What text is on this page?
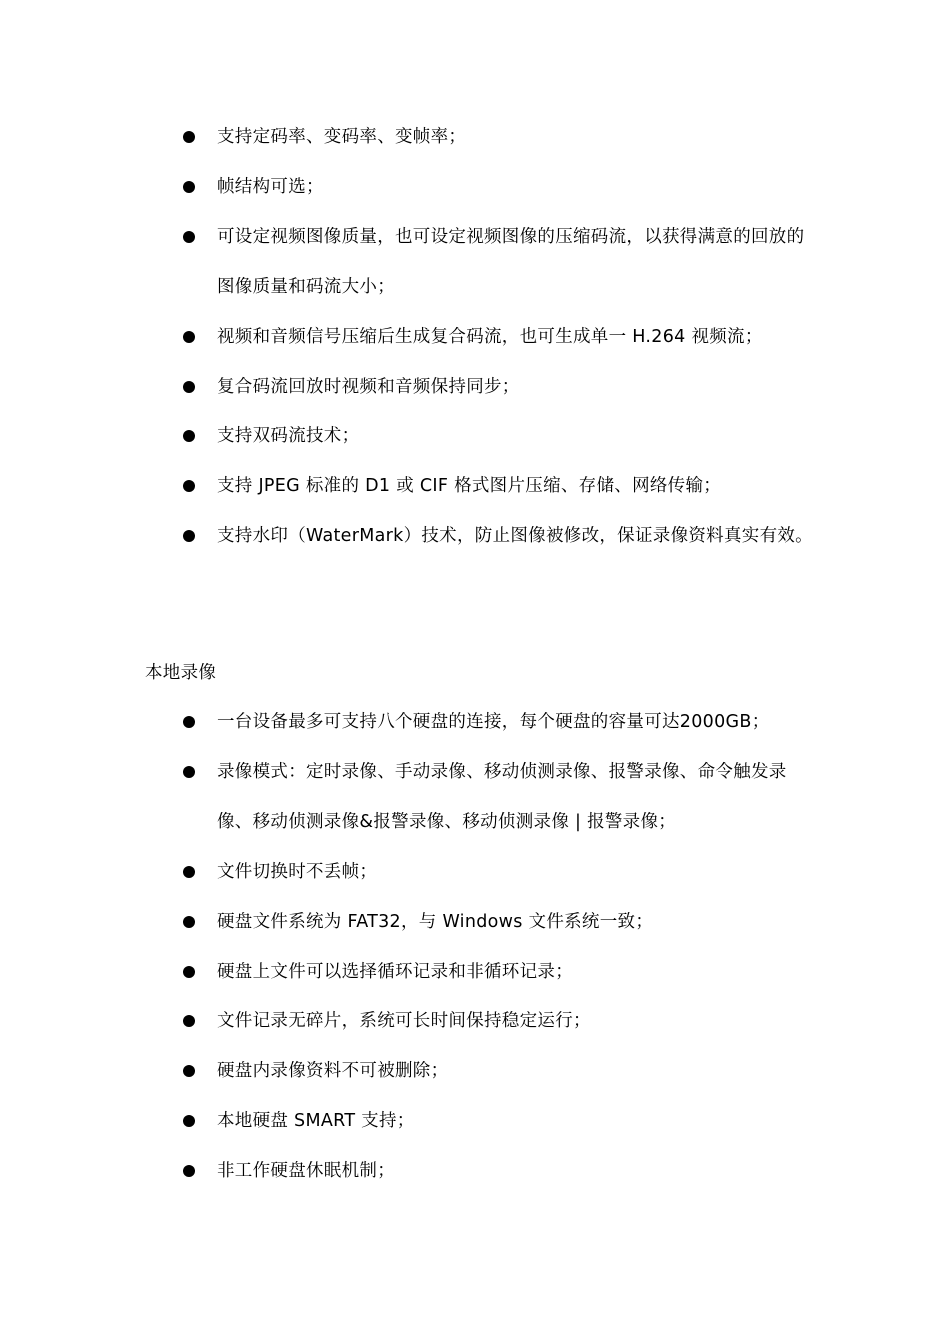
支持定码率、变码率、变帧率；
帧结构可选；
可设定视频图像质量，也可设定视频图像的压缩码流，以获得满意的回放的图像质量和码流大小；
视频和音频信号压缩后生成复合码流，也可生成单一 H.264 视频流；
复合码流回放时视频和音频保持同步；
支持双码流技术；
支持 JPEG 标准的 D1 或 CIF 格式图片压缩、存储、网络传输；
支持水印（WaterMark）技术，防止图像被修改，保证录像资料真实有效。
本地录像
一台设备最多可支持八个硬盘的连接，每个硬盘的容量可达2000GB；
录像模式：定时录像、手动录像、移动侦测录像、报警录像、命令触发录像、移动侦测录像&报警录像、移动侦测录像 | 报警录像；
文件切换时不丢帧；
硬盘文件系统为 FAT32，与 Windows 文件系统一致；
硬盘上文件可以选择循环记录和非循环记录；
文件记录无碎片，系统可长时间保持稳定运行；
硬盘内录像资料不可被删除；
本地硬盘 SMART 支持；
非工作硬盘休眠机制；
